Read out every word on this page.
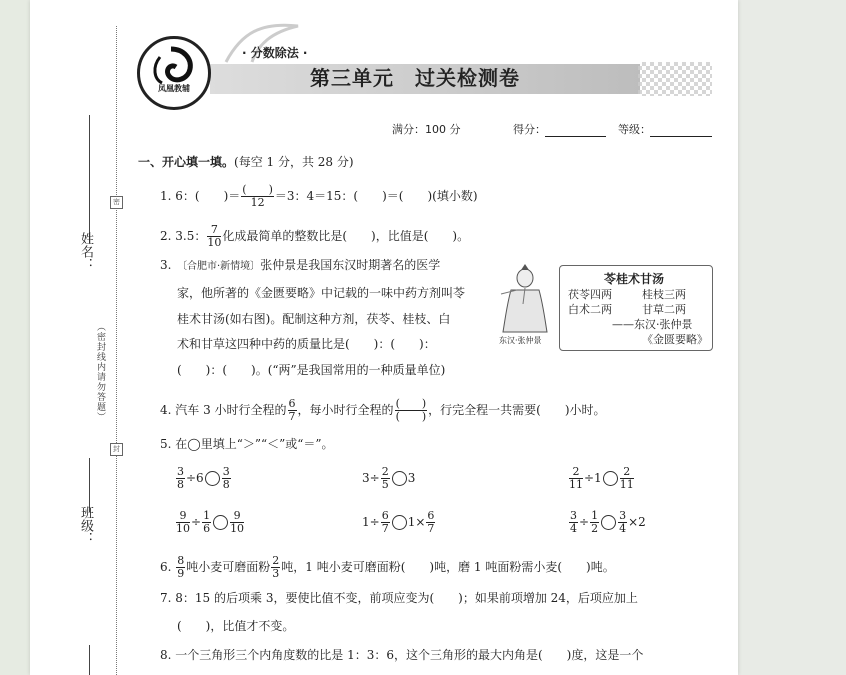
姓名：
班级：
（密封线内请勿答题）
密
封
凤凰教辅
· 分数除法 ·
第三单元　过关检测卷
满分：100 分	得分：	等级：
一、开心填一填。(每空 1 分，共 28 分)
1. 6：(　　)＝ $\frac{( )}{12} =3$：4＝15：(　　)＝(　　)(填小数)
2. 3.5： $\frac{7}{10}$ 化成最简单的整数比是(　　)，比值是(　　)。
3. 〔合肥市·新情境〕张仲景是我国东汉时期著名的医学
家，他所著的《金匮要略》中记载的一味中药方剂叫苓
桂术甘汤(如右图)。配制这种方剂，茯苓、桂枝、白
术和甘草这四种中药的质量比是(　　)：(　　)：
(　　)：(　　)。(“两”是我国常用的一种质量单位)
东汉·张仲景
苓桂术甘汤
茯苓四两	桂枝三两
白术二两	甘草二两
——东汉·张仲景
《金匮要略》
4. 汽车 3 小时行全程的 $\frac{6}{7}$ ，每小时行全程的 $\frac{( )}{( )}$ ，行完全程一共需要(　　)小时。
5. 在◯里填上“＞”“＜”或“＝”。
$\frac{3}{8} \div 6 \frac{3}{8}$	$3\div \frac{2}{5} 3$	$\frac{2}{11} \div 1 \frac{2}{11}$
$\frac{9}{10} \div \frac{1}{6} \frac{9}{10}$	$1\div \frac{6}{7} 1\times \frac{6}{7}$	$\frac{3}{4} \div \frac{1}{2} \frac{3}{4} \times 2$
6. $\frac{8}{9}$ 吨小麦可磨面粉 $\frac{2}{3}$ 吨，1 吨小麦可磨面粉(　　)吨，磨 1 吨面粉需小麦(　　)吨。
7. 8：15 的后项乘 3，要使比值不变，前项应变为(　　)；如果前项增加 24，后项应加上
(　　)，比值才不变。
8. 一个三角形三个内角度数的比是 1：3：6，这个三角形的最大内角是(　　)度，这是一个
